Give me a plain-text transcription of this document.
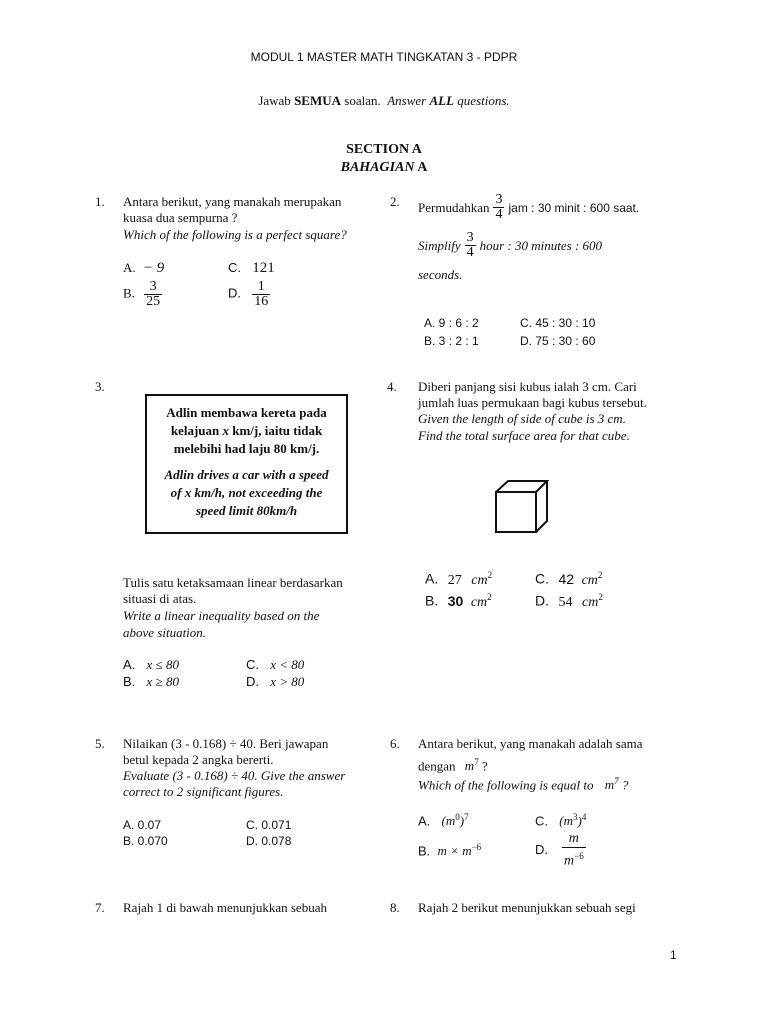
MODUL 1 MASTER MATH TINGKATAN 3 - PDPR
Jawab SEMUA soalan. Answer ALL questions.
SECTION A
BAHAGIAN A
1. Antara berikut, yang manakah merupakan
kuasa dua sempurna ?
Which of the following is a perfect square?
A. − 9
B. $\frac{3}{25}$
C. 121
D. $\frac{1}{16}$
2. Permudahkan $\frac{3}{4}$ jam : 30 minit : 600 saat.
Simplify $\frac{3}{4}$ hour : 30 minutes : 600
seconds.
A. 9 : 6 : 2
B. 3 : 2 : 1
C. 45 : 30 : 10
D. 75 : 30 : 60
3.
Adlin membawa kereta pada
kelajuan x km/j, iaitu tidak
melebihi had laju 80 km/j.
Adlin drives a car with a speed
of x km/h, not exceeding the
speed limit 80km/h
Tulis satu ketaksamaan linear berdasarkan
situasi di atas.
Write a linear inequality based on the
above situation.
A. x ≤ 80
B. x ≥ 80
C. x < 80
D. x > 80
4. Diberi panjang sisi kubus ialah 3 cm. Cari
jumlah luas permukaan bagi kubus tersebut.
Given the length of side of cube is 3 cm.
Find the total surface area for that cube.
A. 27 $cm^2$
B. 30 $cm^2$
C. 42 $cm^2$
D. 54 $cm^2$
5. Nilaikan (3 - 0.168) ÷ 40. Beri jawapan
betul kepada 2 angka bererti.
Evaluate (3 - 0.168) ÷ 40. Give the answer
correct to 2 significant figures.
A. 0.07
B. 0.070
C. 0.071
D. 0.078
6. Antara berikut, yang manakah adalah sama
dengan $m^7$ ?
Which of the following is equal to $m^7$ ?
A. $(m^0)^7$
B. $m \times m^{-6}$
C. $(m^3)^4$
D. $\frac{m}{m^{-6}}$
7. Rajah 1 di bawah menunjukkan sebuah	8. Rajah 2 berikut menunjukkan sebuah segi
1
